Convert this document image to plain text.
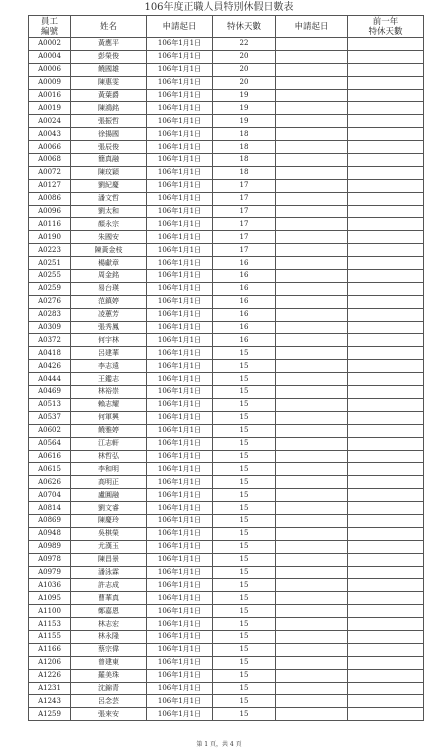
106年度正職人員特別休假日數表
員工
編號	姓名	申請起日	特休天數	申請起日	前一年
特休天數

A0002	黃應平	106年1月1日	22		
A0004	彭榮俊	106年1月1日	20		
A0006	饒國雄	106年1月1日	20		
A0009	陳惠雯	106年1月1日	20		
A0016	黃葉爵	106年1月1日	19		
A0019	陳鴻銘	106年1月1日	19		
A0024	張振哲	106年1月1日	19		
A0043	徐揚國	106年1月1日	18		
A0066	張辰俊	106年1月1日	18		
A0068	簡真融	106年1月1日	18		
A0072	陳玟穎	106年1月1日	18		
A0127	劉紀慶	106年1月1日	17		
A0086	潘文哲	106年1月1日	17		
A0096	劉太和	106年1月1日	17		
A0116	顏永宗	106年1月1日	17		
A0190	朱國安	106年1月1日	17		
A0223	陳黃金枝	106年1月1日	17		
A0251	楊獻章	106年1月1日	16		
A0255	周金銘	106年1月1日	16		
A0259	易台瑛	106年1月1日	16		
A0276	范鎮婷	106年1月1日	16		
A0283	凌蕙芳	106年1月1日	16		
A0309	張秀鳳	106年1月1日	16		
A0372	何宇林	106年1月1日	16		
A0418	呂建華	106年1月1日	15		
A0426	李志遠	106年1月1日	15		
A0444	王鑑志	106年1月1日	15		
A0469	林裕崇	106年1月1日	15		
A0513	賴志耀	106年1月1日	15		
A0537	何軍興	106年1月1日	15		
A0602	饒雅婷	106年1月1日	15		
A0564	江志軒	106年1月1日	15		
A0616	林哲弘	106年1月1日	15		
A0615	李和明	106年1月1日	15		
A0626	高明正	106年1月1日	15		
A0704	盧圓融	106年1月1日	15		
A0814	劉文睿	106年1月1日	15		
A0869	陳慶玲	106年1月1日	15		
A0948	吳棋榮	106年1月1日	15		
A0989	尤漢玉	106年1月1日	15		
A0978	陳昌景	106年1月1日	15		
A0979	潘泳霖	106年1月1日	15		
A1036	許志成	106年1月1日	15		
A1095	曹華真	106年1月1日	15		
A1100	鄭嘉恩	106年1月1日	15		
A1153	林志宏	106年1月1日	15		
A1155	林永隆	106年1月1日	15		
A1166	蔡宗偉	106年1月1日	15		
A1206	曾建東	106年1月1日	15		
A1226	羅美珠	106年1月1日	15		
A1231	沈錦青	106年1月1日	15		
A1243	呂念芸	106年1月1日	15		
A1259	張來安	106年1月1日	15		
第 1 頁，共 4 頁
